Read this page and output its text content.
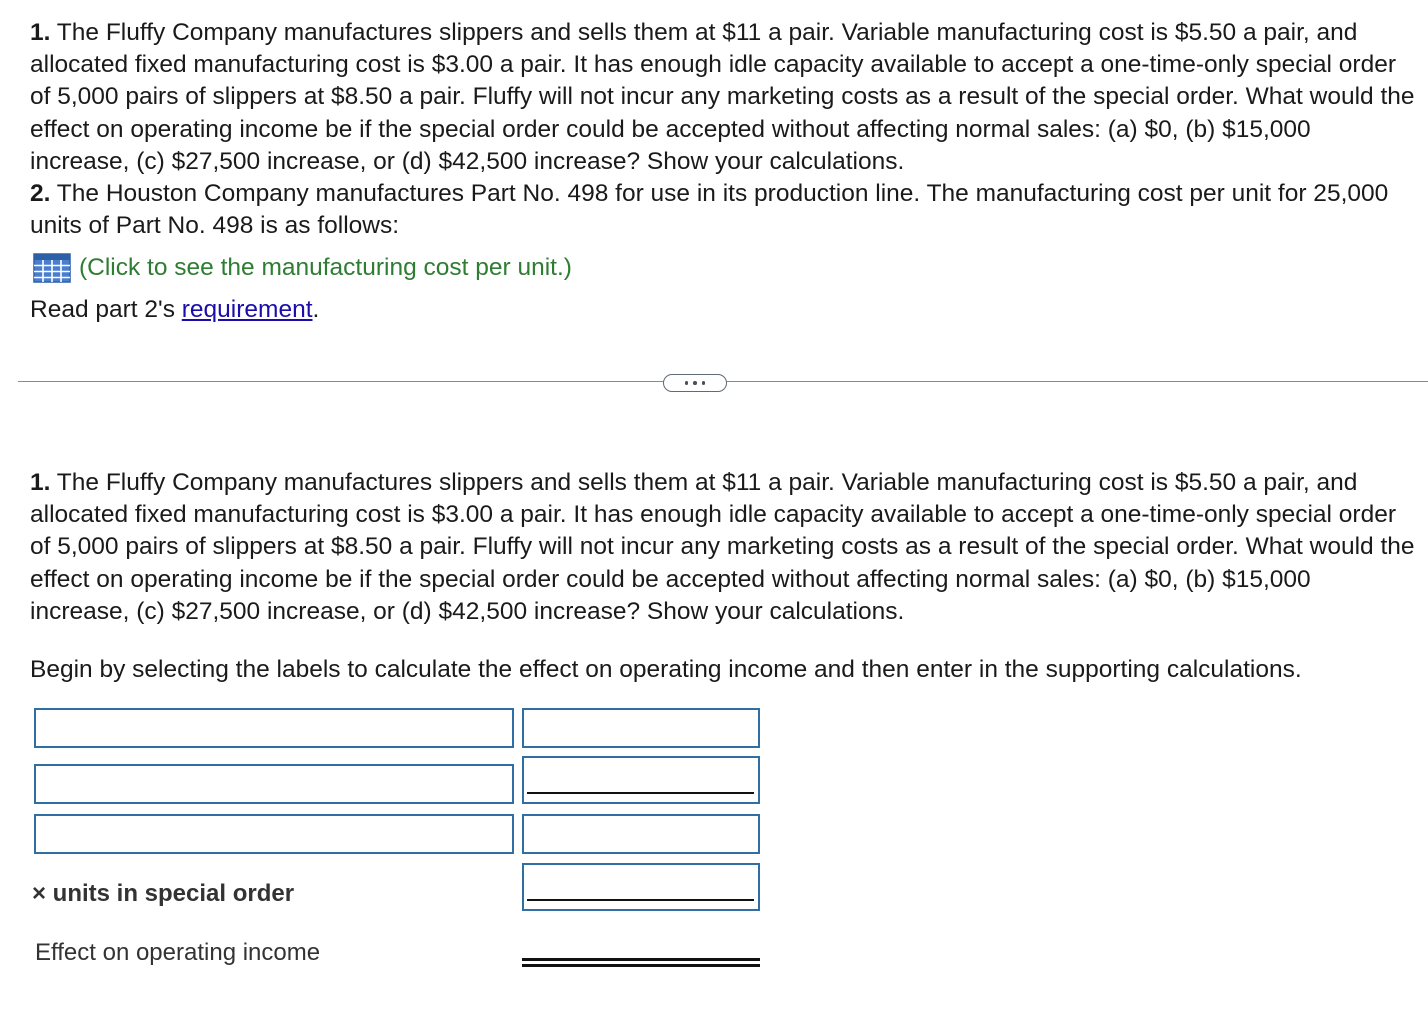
1. The Fluffy Company manufactures slippers and sells them at $11 a pair. Variable manufacturing cost is $5.50 a pair, and allocated fixed manufacturing cost is $3.00 a pair. It has enough idle capacity available to accept a one-time-only special order of 5,000 pairs of slippers at $8.50 a pair. Fluffy will not incur any marketing costs as a result of the special order. What would the effect on operating income be if the special order could be accepted without affecting normal sales: (a) $0, (b) $15,000 increase, (c) $27,500 increase, or (d) $42,500 increase? Show your calculations.

2. The Houston Company manufactures Part No. 498 for use in its production line. The manufacturing cost per unit for 25,000 units of Part No. 498 is as follows:

(Click to see the manufacturing cost per unit.)
Read part 2's requirement.

1. The Fluffy Company manufactures slippers and sells them at $11 a pair. Variable manufacturing cost is $5.50 a pair, and allocated fixed manufacturing cost is $3.00 a pair. It has enough idle capacity available to accept a one-time-only special order of 5,000 pairs of slippers at $8.50 a pair. Fluffy will not incur any marketing costs as a result of the special order. What would the effect on operating income be if the special order could be accepted without affecting normal sales: (a) $0, (b) $15,000 increase, (c) $27,500 increase, or (d) $42,500 increase? Show your calculations.

Begin by selecting the labels to calculate the effect on operating income and then enter in the supporting calculations.

× units in special order
Effect on operating income
